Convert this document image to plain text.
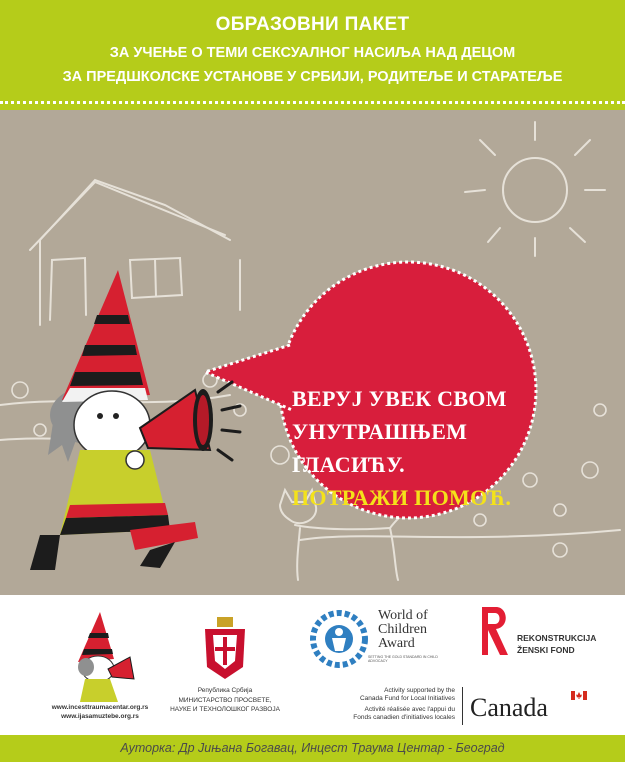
ОБРАЗОВНИ ПАКЕТ
ЗА УЧЕЊЕ О ТЕМИ СЕКСУАЛНОГ НАСИЉА НАД ДЕЦОМ
ЗА ПРЕДШКОЛСКЕ УСТАНОВЕ У СРБИЈИ, РОДИТЕЉЕ И СТАРАТЕЉЕ
ВЕРУЈ УВЕК СВОМ
УНУТРАШЊЕМ
ГЛАСИЋУ.
ПОТРАЖИ ПОМОЋ.
www.incesttraumacentar.org.rs
www.ijasamuztebe.org.rs
Република Србија
МИНИСТАРСТВО ПРОСВЕТЕ,
НАУКЕ И ТЕХНОЛОШКОГ РАЗВОЈА
World of
Children
Award
SETTING THE GOLD STANDARD IN CHILD ADVOCACY
REKONSTRUKCIJA
ŽENSKI FOND
Activity supported by the
Canada Fund for Local Initiatives
Activité réalisée avec l'appui du
Fonds canadien d'initiatives locales Canada
Ауторка: Др Јињана Богавац, Инцест Траума Центар - Београд
